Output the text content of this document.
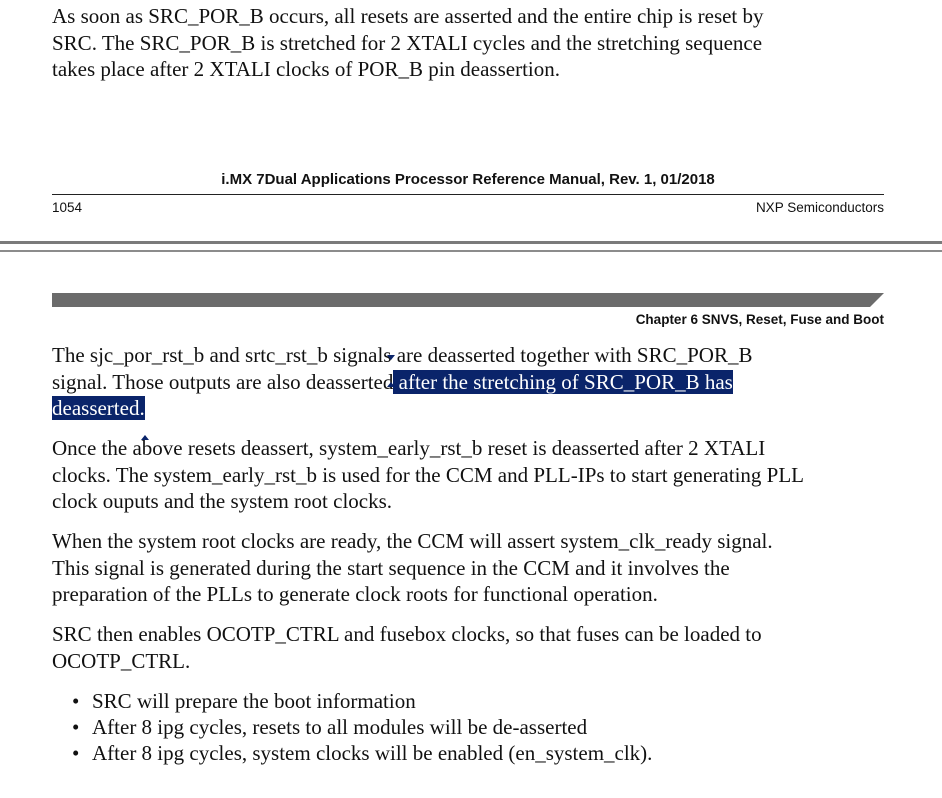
As soon as SRC_POR_B occurs, all resets are asserted and the entire chip is reset by
SRC. The SRC_POR_B is stretched for 2 XTALI cycles and the stretching sequence
takes place after 2 XTALI clocks of POR_B pin deassertion.

i.MX 7Dual Applications Processor Reference Manual, Rev. 1, 01/2018
1054	NXP Semiconductors
Chapter 6 SNVS, Reset, Fuse and Boot

The sjc_por_rst_b and srtc_rst_b signals
are deasserted together with SRC_POR_B
signal. Those outputs are also deasserted after the stretching of SRC_POR_B has
deasserted.

Once the above resets deassert, system_early_rst_b reset is deasserted after 2 XTALI
clocks. The system_early_rst_b is used for the CCM and PLL-IPs to start generating PLL
clock ouputs and the system root clocks.

When the system root clocks are ready, the CCM will assert system_clk_ready signal.
This signal is generated during the start sequence in the CCM and it involves the
preparation of the PLLs to generate clock roots for functional operation.

SRC then enables OCOTP_CTRL and fusebox clocks, so that fuses can be loaded to
OCOTP_CTRL.

• SRC will prepare the boot information
• After 8 ipg cycles, resets to all modules will be de-asserted
• After 8 ipg cycles, system clocks will be enabled (en_system_clk).
